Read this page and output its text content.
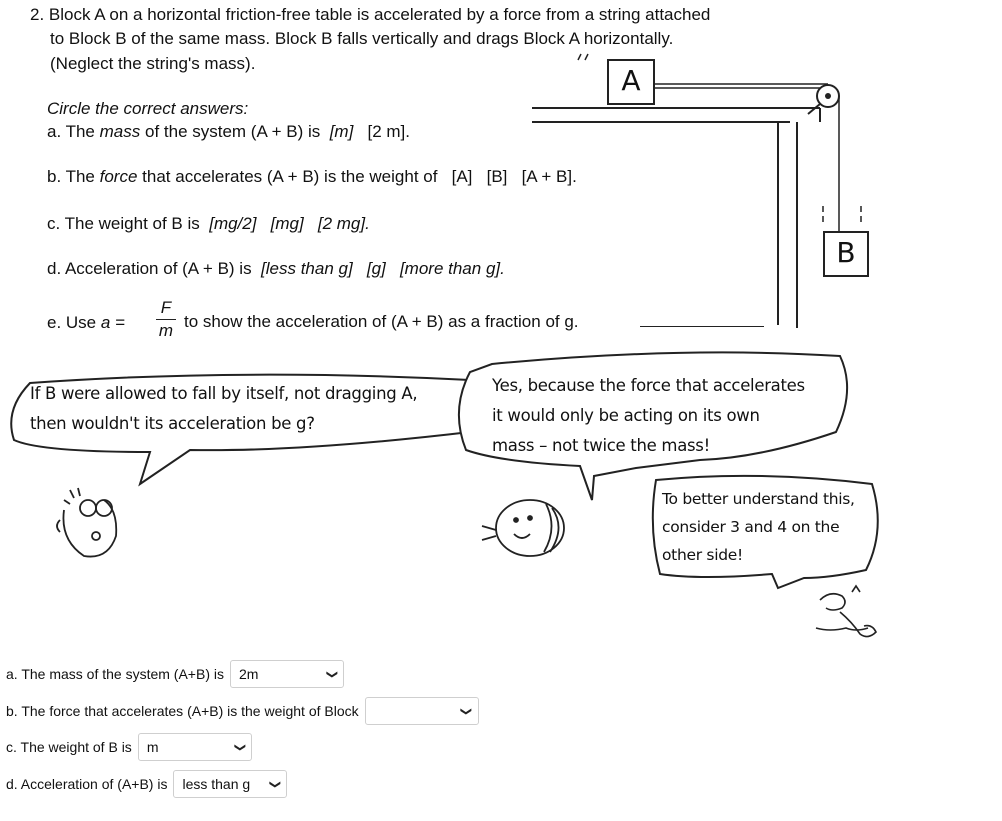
2. Block A on a horizontal friction-free table is accelerated by a force from a string attached
to Block B of the same mass. Block B falls vertically and drags Block A horizontally.
(Neglect the string's mass).
Circle the correct answers:
a. The mass of the system (A + B) is [m] [2 m].
b. The force that accelerates (A + B) is the weight of [A] [B] [A + B].
c. The weight of B is [mg/2] [mg] [2 mg].
d. Acceleration of (A + B) is [less than g] [g] [more than g].
e. Use a =
F
m to show the acceleration of (A + B) as a fraction of g.
A
B
If B were allowed to fall by itself, not dragging A,
then wouldn't its acceleration be g?
Yes, because the force that accelerates
it would only be acting on its own
mass – not twice the mass!
To better understand this,
consider 3 and 4 on the
other side!
a. The mass of the system (A+B) is 2m	❯
b. The force that accelerates (A+B) is the weight of Block	❯
c. The weight of B is m	❯
d. Acceleration of (A+B) is less than g ❯
